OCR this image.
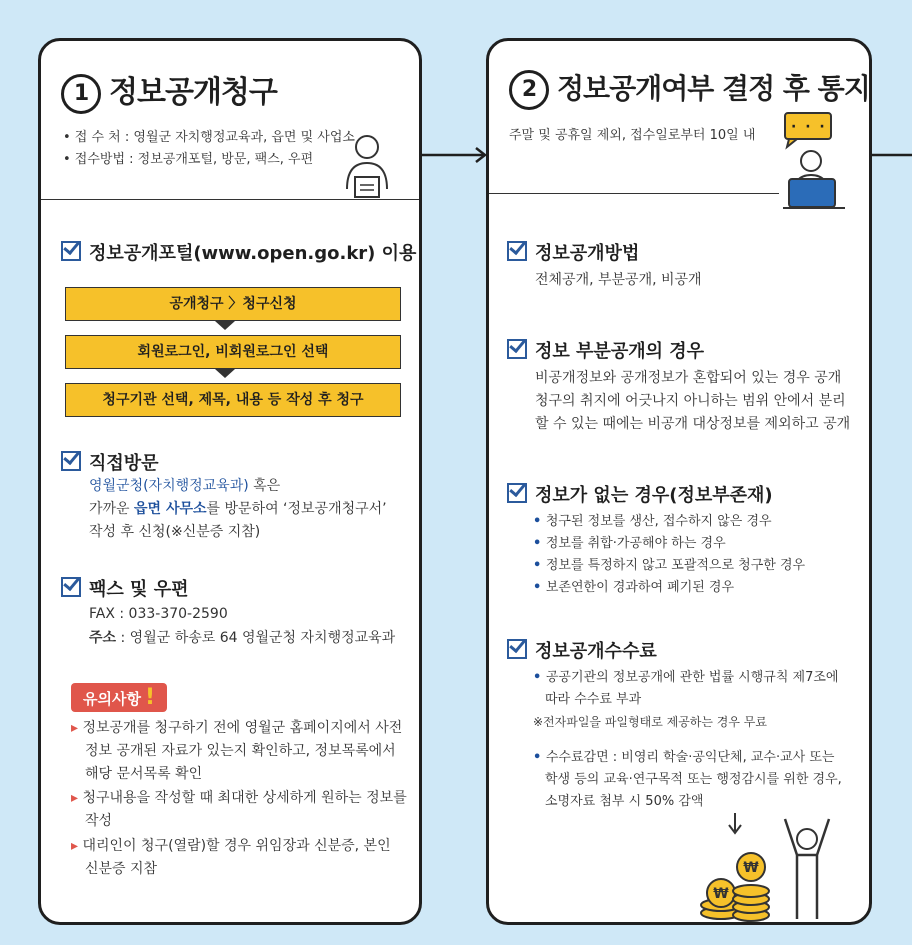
1 정보공개청구
• 접 수 처 : 영월군 자치행정교육과, 읍면 및 사업소
• 접수방법 : 정보공개포털, 방문, 팩스, 우편
정보공개포털(www.open.go.kr) 이용
공개청구 〉청구신청
회원로그인, 비회원로그인 선택
청구기관 선택, 제목, 내용 등 작성 후 청구
직접방문
영월군청(자치행정교육과) 혹은
가까운 읍면 사무소를 방문하여 ‘정보공개청구서’
작성 후 신청(※신분증 지참)
팩스 및 우편
FAX : 033-370-2590
주소 : 영월군 하송로 64 영월군청 자치행정교육과
유의사항 !
▸ 정보공개를 청구하기 전에 영월군 홈페이지에서 사전
정보 공개된 자료가 있는지 확인하고, 정보목록에서
해당 문서목록 확인
▸ 청구내용을 작성할 때 최대한 상세하게 원하는 정보를
작성
▸ 대리인이 청구(열람)할 경우 위임장과 신분증, 본인
신분증 지참
2 정보공개여부 결정 후 통지
주말 및 공휴일 제외, 접수일로부터 10일 내
· · ·
정보공개방법
전체공개, 부분공개, 비공개
정보 부분공개의 경우
비공개정보와 공개정보가 혼합되어 있는 경우 공개
청구의 취지에 어긋나지 아니하는 범위 안에서 분리
할 수 있는 때에는 비공개 대상정보를 제외하고 공개
정보가 없는 경우(정보부존재)
• 청구된 정보를 생산, 접수하지 않은 경우
• 정보를 취합·가공해야 하는 경우
• 정보를 특정하지 않고 포괄적으로 청구한 경우
• 보존연한이 경과하여 폐기된 경우
정보공개수수료
• 공공기관의 정보공개에 관한 법률 시행규칙 제7조에
따라 수수료 부과
※전자파일을 파일형태로 제공하는 경우 무료
• 수수료감면 : 비영리 학술·공익단체, 교수·교사 또는
학생 등의 교육·연구목적 또는 행정감시를 위한 경우,
소명자료 첨부 시 50% 감액
₩
₩
